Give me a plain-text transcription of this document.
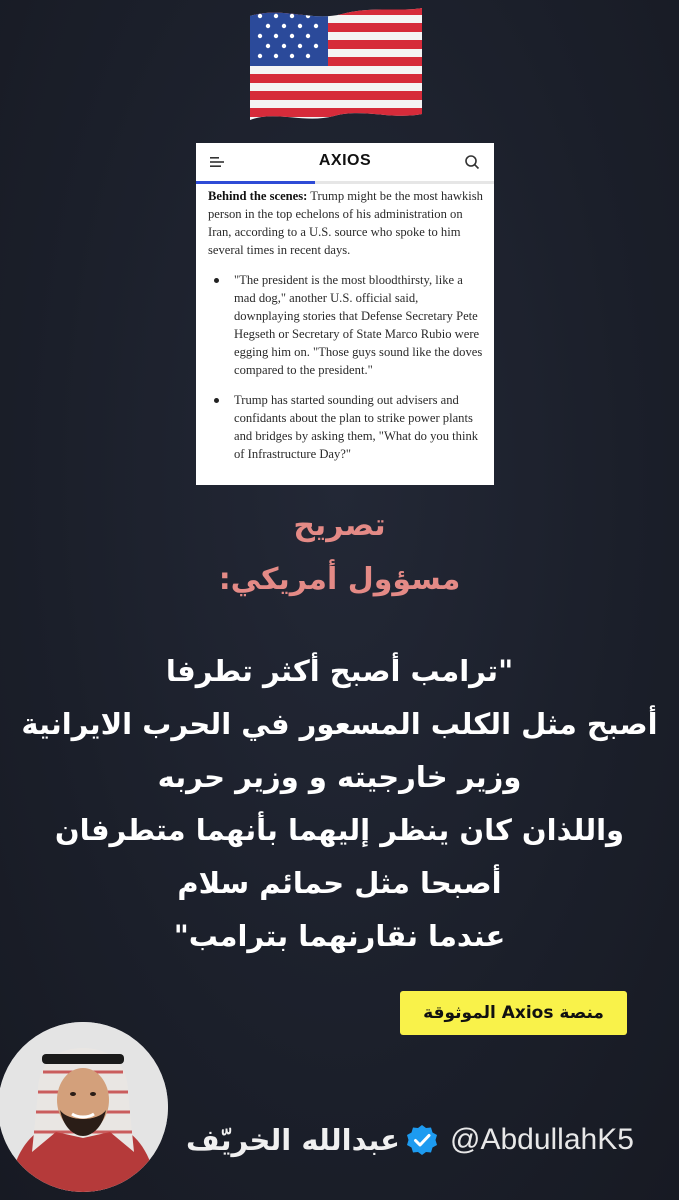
AXIOS

Behind the scenes: Trump might be the most hawkish person in the top echelons of his administration on Iran, according to a U.S. source who spoke to him several times in recent days.

"The president is the most bloodthirsty, like a mad dog," another U.S. official said, downplaying stories that Defense Secretary Pete Hegseth or Secretary of State Marco Rubio were egging him on. "Those guys sound like the doves compared to the president."
Trump has started sounding out advisers and confidants about the plan to strike power plants and bridges by asking them, "What do you think of Infrastructure Day?"
تصريح
مسؤول أمريكي:
"ترامب أصبح أكثر تطرفا
أصبح مثل الكلب المسعور في الحرب الايرانية
وزير خارجيته و وزير حربه
واللذان كان ينظر إليهما بأنهما متطرفان
أصبحا مثل حمائم سلام
عندما نقارنهما بترامب"
منصة Axios الموثوقة
عبدالله الخريّف @AbdullahK5
